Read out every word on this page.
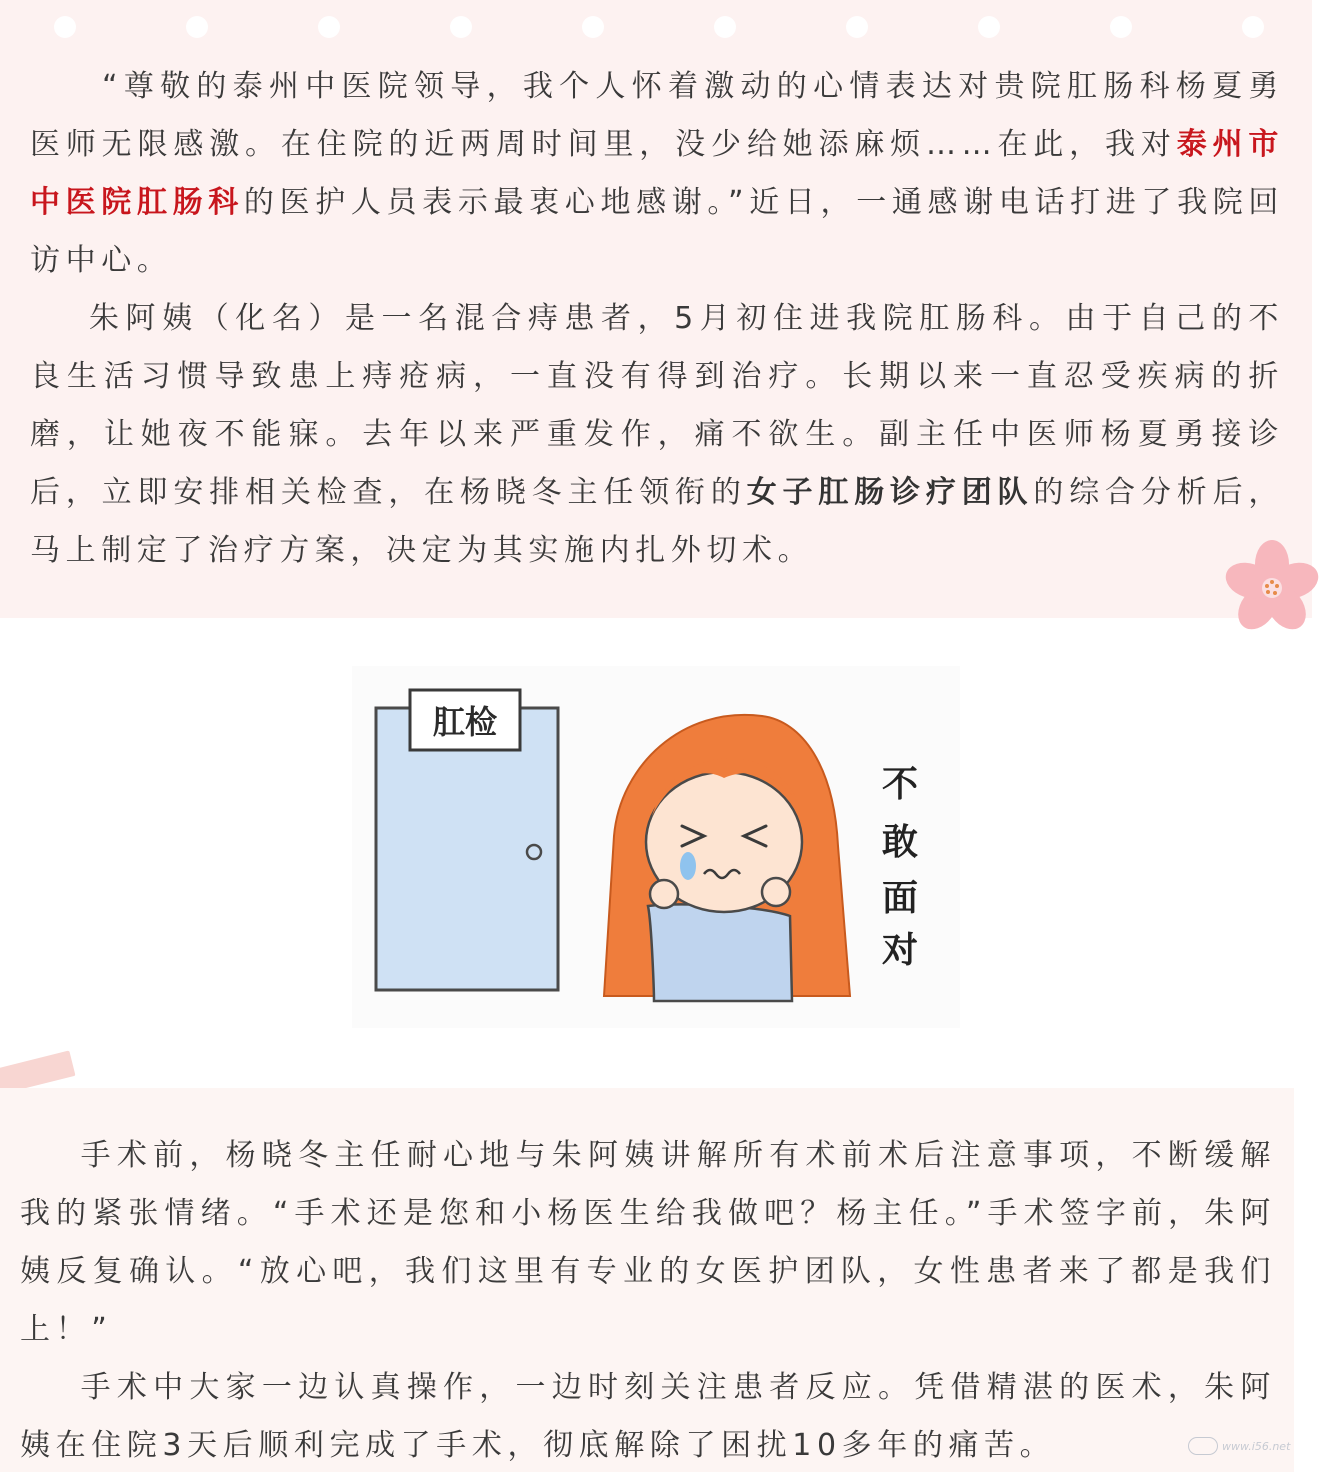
“尊敬的泰州中医院领导，我个人怀着激动的心情表达对贵院肛肠科杨夏勇医师无限感激。在住院的近两周时间里，没少给她添麻烦……在此，我对泰州市中医院肛肠科的医护人员表示最衷心地感谢。”近日，一通感谢电话打进了我院回访中心。

朱阿姨（化名）是一名混合痔患者，5月初住进我院肛肠科。由于自己的不良生活习惯导致患上痔疮病，一直没有得到治疗。长期以来一直忍受疾病的折磨，让她夜不能寐。去年以来严重发作，痛不欲生。副主任中医师杨夏勇接诊后，立即安排相关检查，在杨晓冬主任领衔的女子肛肠诊疗团队的综合分析后，马上制定了治疗方案，决定为其实施内扎外切术。

肛检
不
敢
面
对

手术前，杨晓冬主任耐心地与朱阿姨讲解所有术前术后注意事项，不断缓解我的紧张情绪。“手术还是您和小杨医生给我做吧？杨主任。”手术签字前，朱阿姨反复确认。“放心吧，我们这里有专业的女医护团队，女性患者来了都是我们上！”

手术中大家一边认真操作，一边时刻关注患者反应。凭借精湛的医术，朱阿姨在住院3天后顺利完成了手术，彻底解除了困扰10多年的痛苦。	www.i56.net
